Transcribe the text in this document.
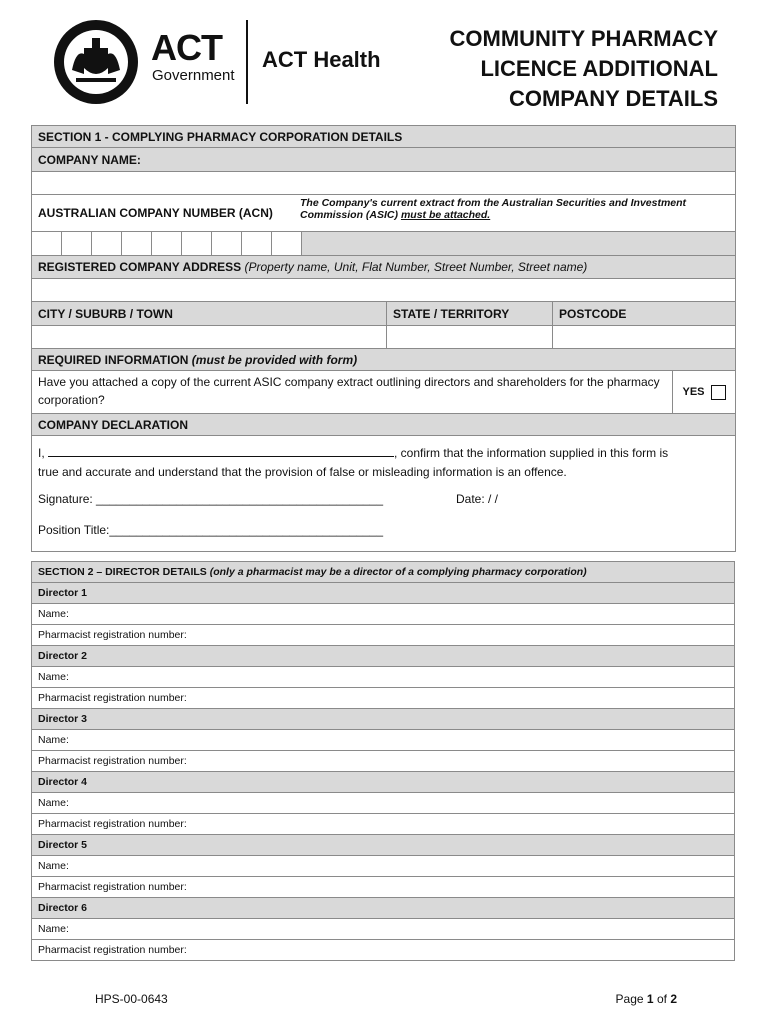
ACT
Government
ACT Health
COMMUNITY PHARMACY
LICENCE ADDITIONAL
COMPANY DETAILS
SECTION 1 - COMPLYING PHARMACY CORPORATION DETAILS		
COMPANY NAME:		

AUSTRALIAN COMPANY NUMBER (ACN)
The Company's current extract from the Australian Securities and Investment Commission (ASIC) must be attached.		

REGISTERED COMPANY ADDRESS (Property name, Unit, Flat Number, Street Number, Street name)		

CITY / SUBURB / TOWN	STATE / TERRITORY	POSTCODE

REQUIRED INFORMATION (must be provided with form)		

Have you attached a copy of the current ASIC company extract outlining directors and shareholders for the pharmacy corporation?
YES		

COMPANY DECLARATION		

I, , confirm that the information supplied in this form is
true and accurate and understand that the provision of false or misleading information is an offence.
Signature: ___________________________________________ Date: / /
Position Title:_________________________________________		
SECTION 2 – DIRECTOR DETAILS (only a pharmacist may be a director of a complying pharmacy corporation)
Director 1
Name:
Pharmacist registration number:
Director 2
Name:
Pharmacist registration number:
Director 3
Name:
Pharmacist registration number:
Director 4
Name:
Pharmacist registration number:
Director 5
Name:
Pharmacist registration number:
Director 6
Name:
Pharmacist registration number:
HPS-00-0643	Page 1 of 2
